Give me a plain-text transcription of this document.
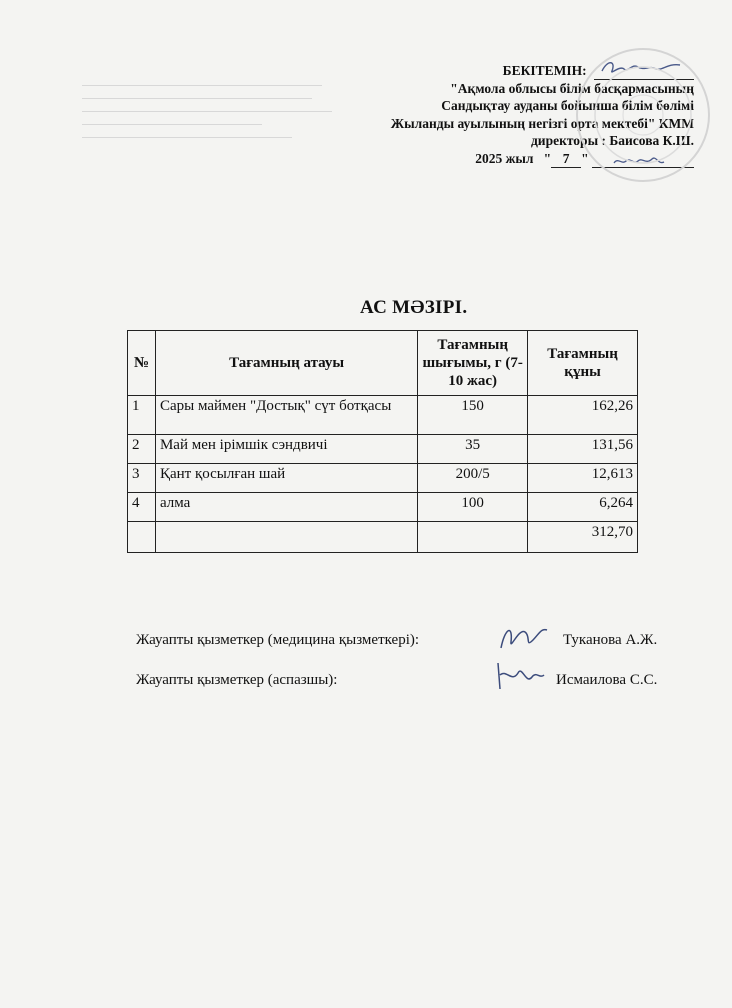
БЕКІТЕМІН:
"Ақмола облысы білім басқармасының
Сандықтау ауданы бойынша білім бөлімі
Жыланды ауылының негізгі орта мектебі" КММ
директоры : Баисова К.Ш.
2025 жыл " 7 "

АС МӘЗІРІ.
№	Тағамның атауы	Тағамның шығымы, г (7-10 жас)	Тағамның құны
1	Сары маймен "Достық" сүт ботқасы	150	162,26
2	Май мен ірімшік сэндвичі	35	131,56
3	Қант қосылған шай	200/5	12,613
4	алма	100	6,264
			312,70
Жауапты қызметкер (медицина қызметкері):	Туканова А.Ж.
Жауапты қызметкер (аспазшы):	Исмаилова С.С.
